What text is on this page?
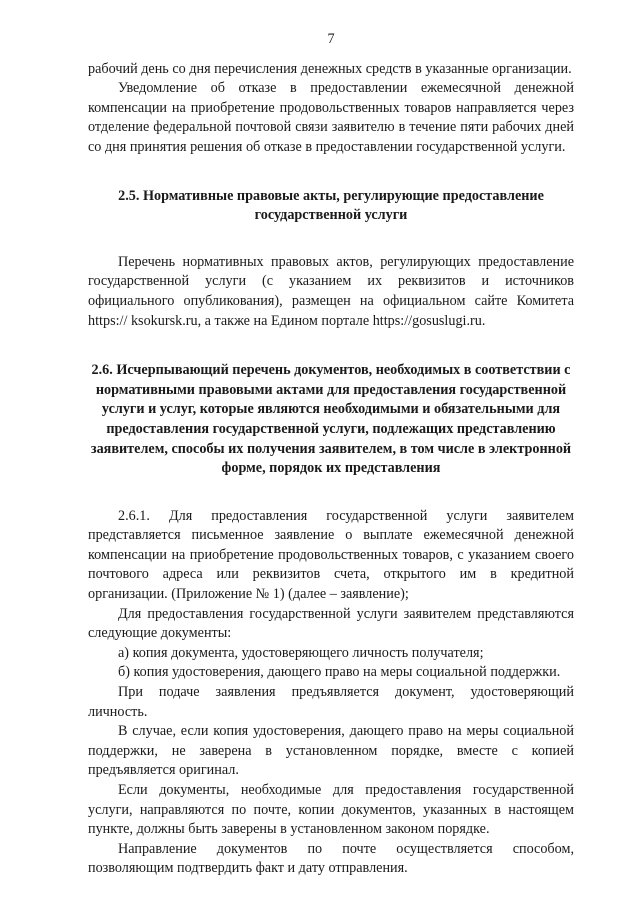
7

рабочий день со дня перечисления денежных средств в указанные организации.

Уведомление об отказе в предоставлении ежемесячной денежной компенсации на приобретение продовольственных товаров направляется через отделение федеральной почтовой связи заявителю в течение пяти рабочих дней со дня принятия решения об отказе в предоставлении государственной услуги.

2.5. Нормативные правовые акты, регулирующие предоставление государственной услуги

Перечень нормативных правовых актов, регулирующих предоставление государственной услуги (с указанием их реквизитов и источников официального опубликования), размещен на официальном сайте Комитета https:// ksokursk.ru, а также на Едином портале https://gosuslugi.ru.

2.6. Исчерпывающий перечень документов, необходимых в соответствии с нормативными правовыми актами для предоставления государственной услуги и услуг, которые являются необходимыми и обязательными для предоставления государственной услуги, подлежащих представлению заявителем, способы их получения заявителем, в том числе в электронной форме, порядок их представления

2.6.1. Для предоставления государственной услуги заявителем представляется письменное заявление о выплате ежемесячной денежной компенсации на приобретение продовольственных товаров, с указанием своего почтового адреса или реквизитов счета, открытого им в кредитной организации. (Приложение № 1) (далее – заявление);

Для предоставления государственной услуги заявителем представляются следующие документы:

а) копия документа, удостоверяющего личность получателя;

б) копия удостоверения, дающего право на меры социальной поддержки.

При подаче заявления предъявляется документ, удостоверяющий личность.

В случае, если копия удостоверения, дающего право на меры социальной поддержки, не заверена в установленном порядке, вместе с копией предъявляется оригинал.

Если документы, необходимые для предоставления государственной услуги, направляются по почте, копии документов, указанных в настоящем пункте, должны быть заверены в установленном законом порядке.

Направление документов по почте осуществляется способом, позволяющим подтвердить факт и дату отправления.
